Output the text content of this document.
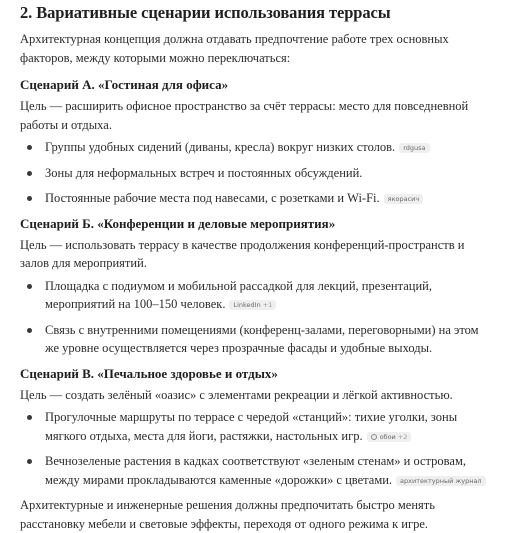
2. Вариативные сценарии использования террасы

Архитектурная концепция должна отдавать предпочтение работе трех основных факторов, между которыми можно переключаться:

Сценарий А. «Гостиная для офиса»

Цель — расширить офисное пространство за счёт террасы: место для повседневной работы и отдыха.

Группы удобных сидений (диваны, кресла) вокруг низких столов. rdgusa
Зоны для неформальных встреч и постоянных обсуждений.
Постоянные рабочие места под навесами, с розетками и Wi-Fi. якорасич
Сценарий Б. «Конференции и деловые мероприятия»

Цель — использовать террасу в качестве продолжения конференций-пространств и залов для мероприятий.

Площадка с подиумом и мобильной рассадкой для лекций, презентаций, мероприятий на 100–150 человек. LinkedIn +1
Связь с внутренними помещениями (конференц-залами, переговорными) на этом же уровне осуществляется через прозрачные фасады и удобные выходы.
Сценарий В. «Печальное здоровье и отдых»

Цель — создать зелёный «оазис» с элементами рекреации и лёгкой активностью.

Прогулочные маршруты по террасе с чередой «станций»: тихие уголки, зоны мягкого отдыха, места для йоги, растяжки, настольных игр.	обои +2
Вечнозеленые растения в кадках соответствуют «зеленым стенам» и островам, между мирами прокладываются каменные «дорожки» с цветами. архитектурный журнал

Архитектурные и инженерные решения должны предпочитать быстро менять расстановку мебели и световые эффекты, переходя от одного режима к игре.
